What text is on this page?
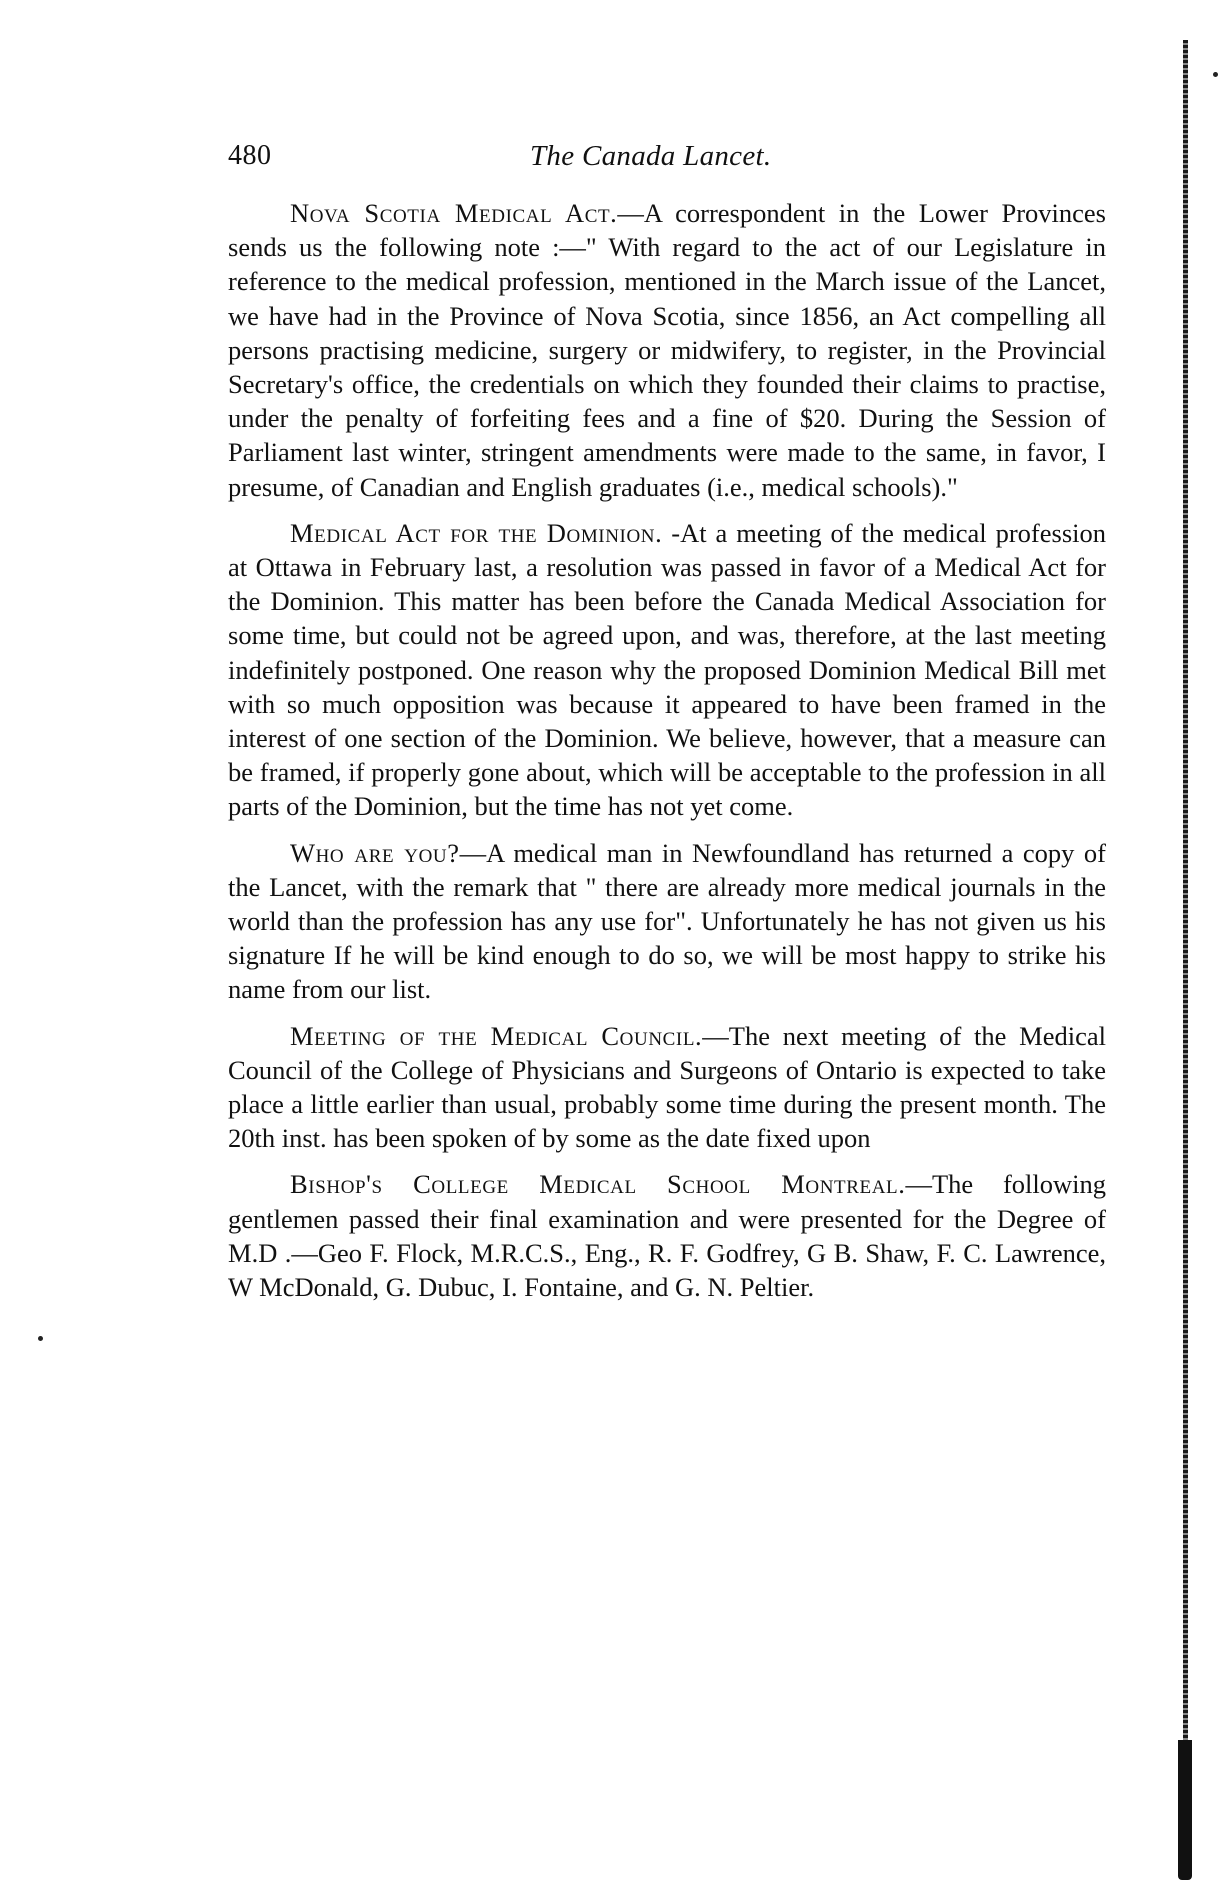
480	The Canada Lancet.

Nova Scotia Medical Act.—A correspondent in the Lower Provinces sends us the following note :—" With regard to the act of our Legislature in reference to the medical profession, mentioned in the March issue of the Lancet, we have had in the Province of Nova Scotia, since 1856, an Act compelling all persons practising medicine, surgery or midwifery, to register, in the Provincial Secretary's office, the credentials on which they founded their claims to practise, under the penalty of forfeiting fees and a fine of $20. During the Session of Parliament last winter, stringent amendments were made to the same, in favor, I presume, of Canadian and English graduates (i.e., medical schools)."

Medical Act for the Dominion. -At a meeting of the medical profession at Ottawa in February last, a resolution was passed in favor of a Medical Act for the Dominion. This matter has been before the Canada Medical Association for some time, but could not be agreed upon, and was, therefore, at the last meeting indefinitely postponed. One reason why the proposed Dominion Medical Bill met with so much opposition was because it appeared to have been framed in the interest of one section of the Dominion. We believe, however, that a measure can be framed, if properly gone about, which will be acceptable to the profession in all parts of the Dominion, but the time has not yet come.

Who are you?—A medical man in Newfoundland has returned a copy of the Lancet, with the remark that " there are already more medical journals in the world than the profession has any use for". Unfortunately he has not given us his signature If he will be kind enough to do so, we will be most happy to strike his name from our list.

Meeting of the Medical Council.—The next meeting of the Medical Council of the College of Physicians and Surgeons of Ontario is expected to take place a little earlier than usual, probably some time during the present month. The 20th inst. has been spoken of by some as the date fixed upon

Bishop's College Medical School Montreal.—The following gentlemen passed their final examination and were presented for the Degree of M.D .—Geo F. Flock, M.R.C.S., Eng., R. F. Godfrey, G B. Shaw, F. C. Lawrence, W McDonald, G. Dubuc, I. Fontaine, and G. N. Peltier.
